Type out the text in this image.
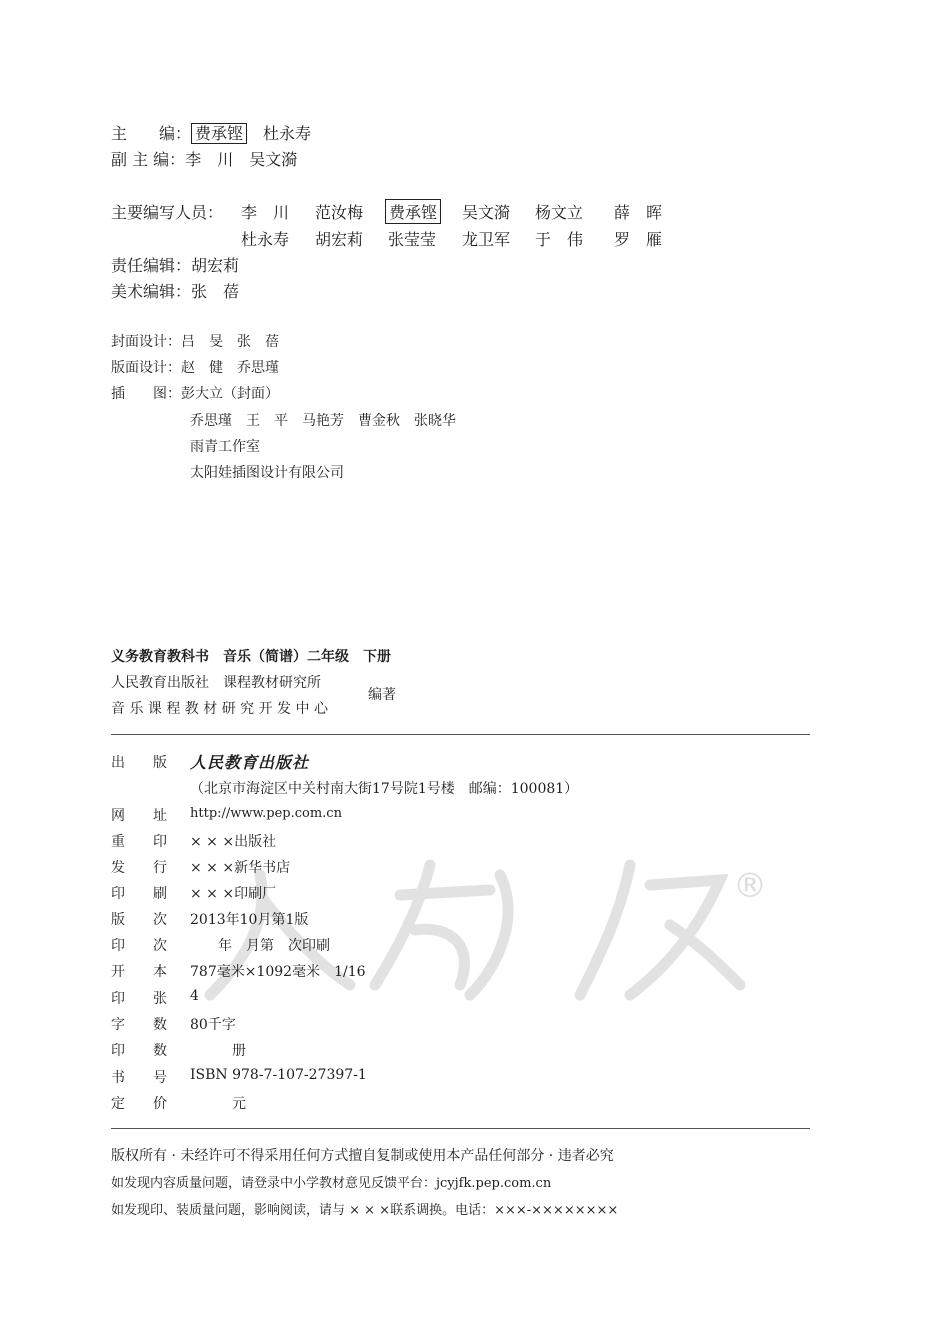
主　　编： 费承铿　 杜永寿
副 主 编：李　川　吴文漪
主要编写人员： 李　川 范汝梅 费承铿 吴文漪 杨文立 薛　晖
杜永寿 胡宏莉 张莹莹 龙卫军 于　伟 罗　雁
责任编辑：胡宏莉
美术编辑：张　蓓
封面设计：吕　旻　张　蓓
版面设计：赵　健　乔思瑾
插　　图：彭大立（封面）
乔思瑾　王　平　马艳芳　曹金秋　张晓华
雨青工作室
太阳娃插图设计有限公司
义务教育教科书　音乐（简谱）二年级　下册
人民教育出版社　课程教材研究所
音 乐 课 程 教 材 研 究 开 发 中 心
编著
®
出　　版 人民教育出版社
（北京市海淀区中关村南大街17号院1号楼　邮编：100081）
网　　址 http://www.pep.com.cn
重　　印 × × ×出版社
发　　行 × × ×新华书店
印　　刷 × × ×印刷厂
版　　次 2013年10月第1版
印　　次 　　年　月第　次印刷
开　　本 787毫米×1092毫米　1/16
印　　张 4
字　　数 80千字
印　　数 　　　册
书　　号 ISBN 978-7-107-27397-1
定　　价 　　　元
版权所有 · 未经许可不得采用任何方式擅自复制或使用本产品任何部分 · 违者必究
如发现内容质量问题，请登录中小学教材意见反馈平台：jcyjfk.pep.com.cn
如发现印、装质量问题，影响阅读，请与 × × ×联系调换。电话：×××-××××××××
